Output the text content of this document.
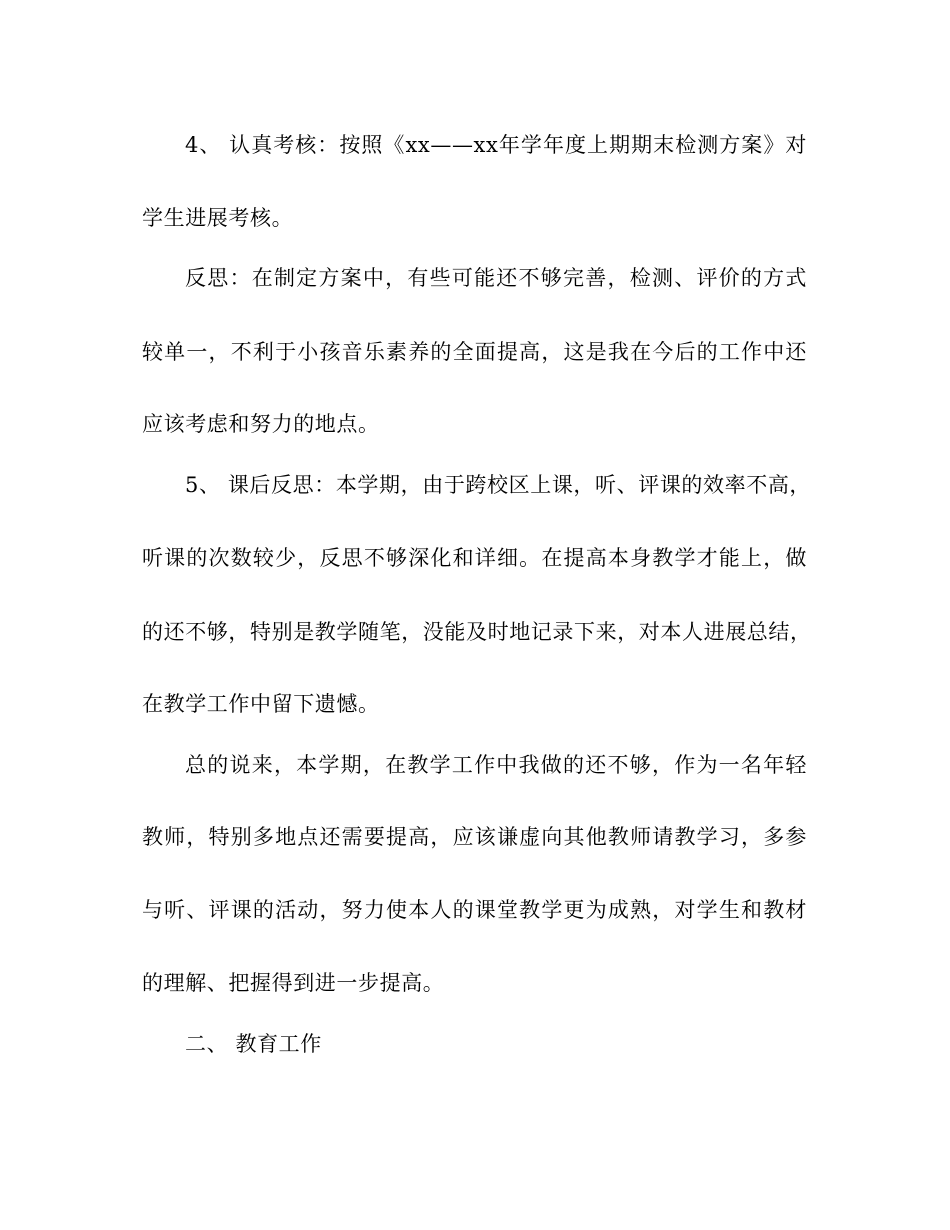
4、 认真考核：按照《xx——xx年学年度上期期末检测方案》对
学生进展考核。
反思：在制定方案中，有些可能还不够完善，检测、评价的方式
较单一，不利于小孩音乐素养的全面提高，这是我在今后的工作中还
应该考虑和努力的地点。
5、 课后反思：本学期，由于跨校区上课，听、评课的效率不高，
听课的次数较少，反思不够深化和详细。在提高本身教学才能上，做
的还不够，特别是教学随笔，没能及时地记录下来，对本人进展总结，
在教学工作中留下遗憾。
总的说来，本学期，在教学工作中我做的还不够，作为一名年轻
教师，特别多地点还需要提高，应该谦虚向其他教师请教学习，多参
与听、评课的活动，努力使本人的课堂教学更为成熟，对学生和教材
的理解、把握得到进一步提高。
二、 教育工作
